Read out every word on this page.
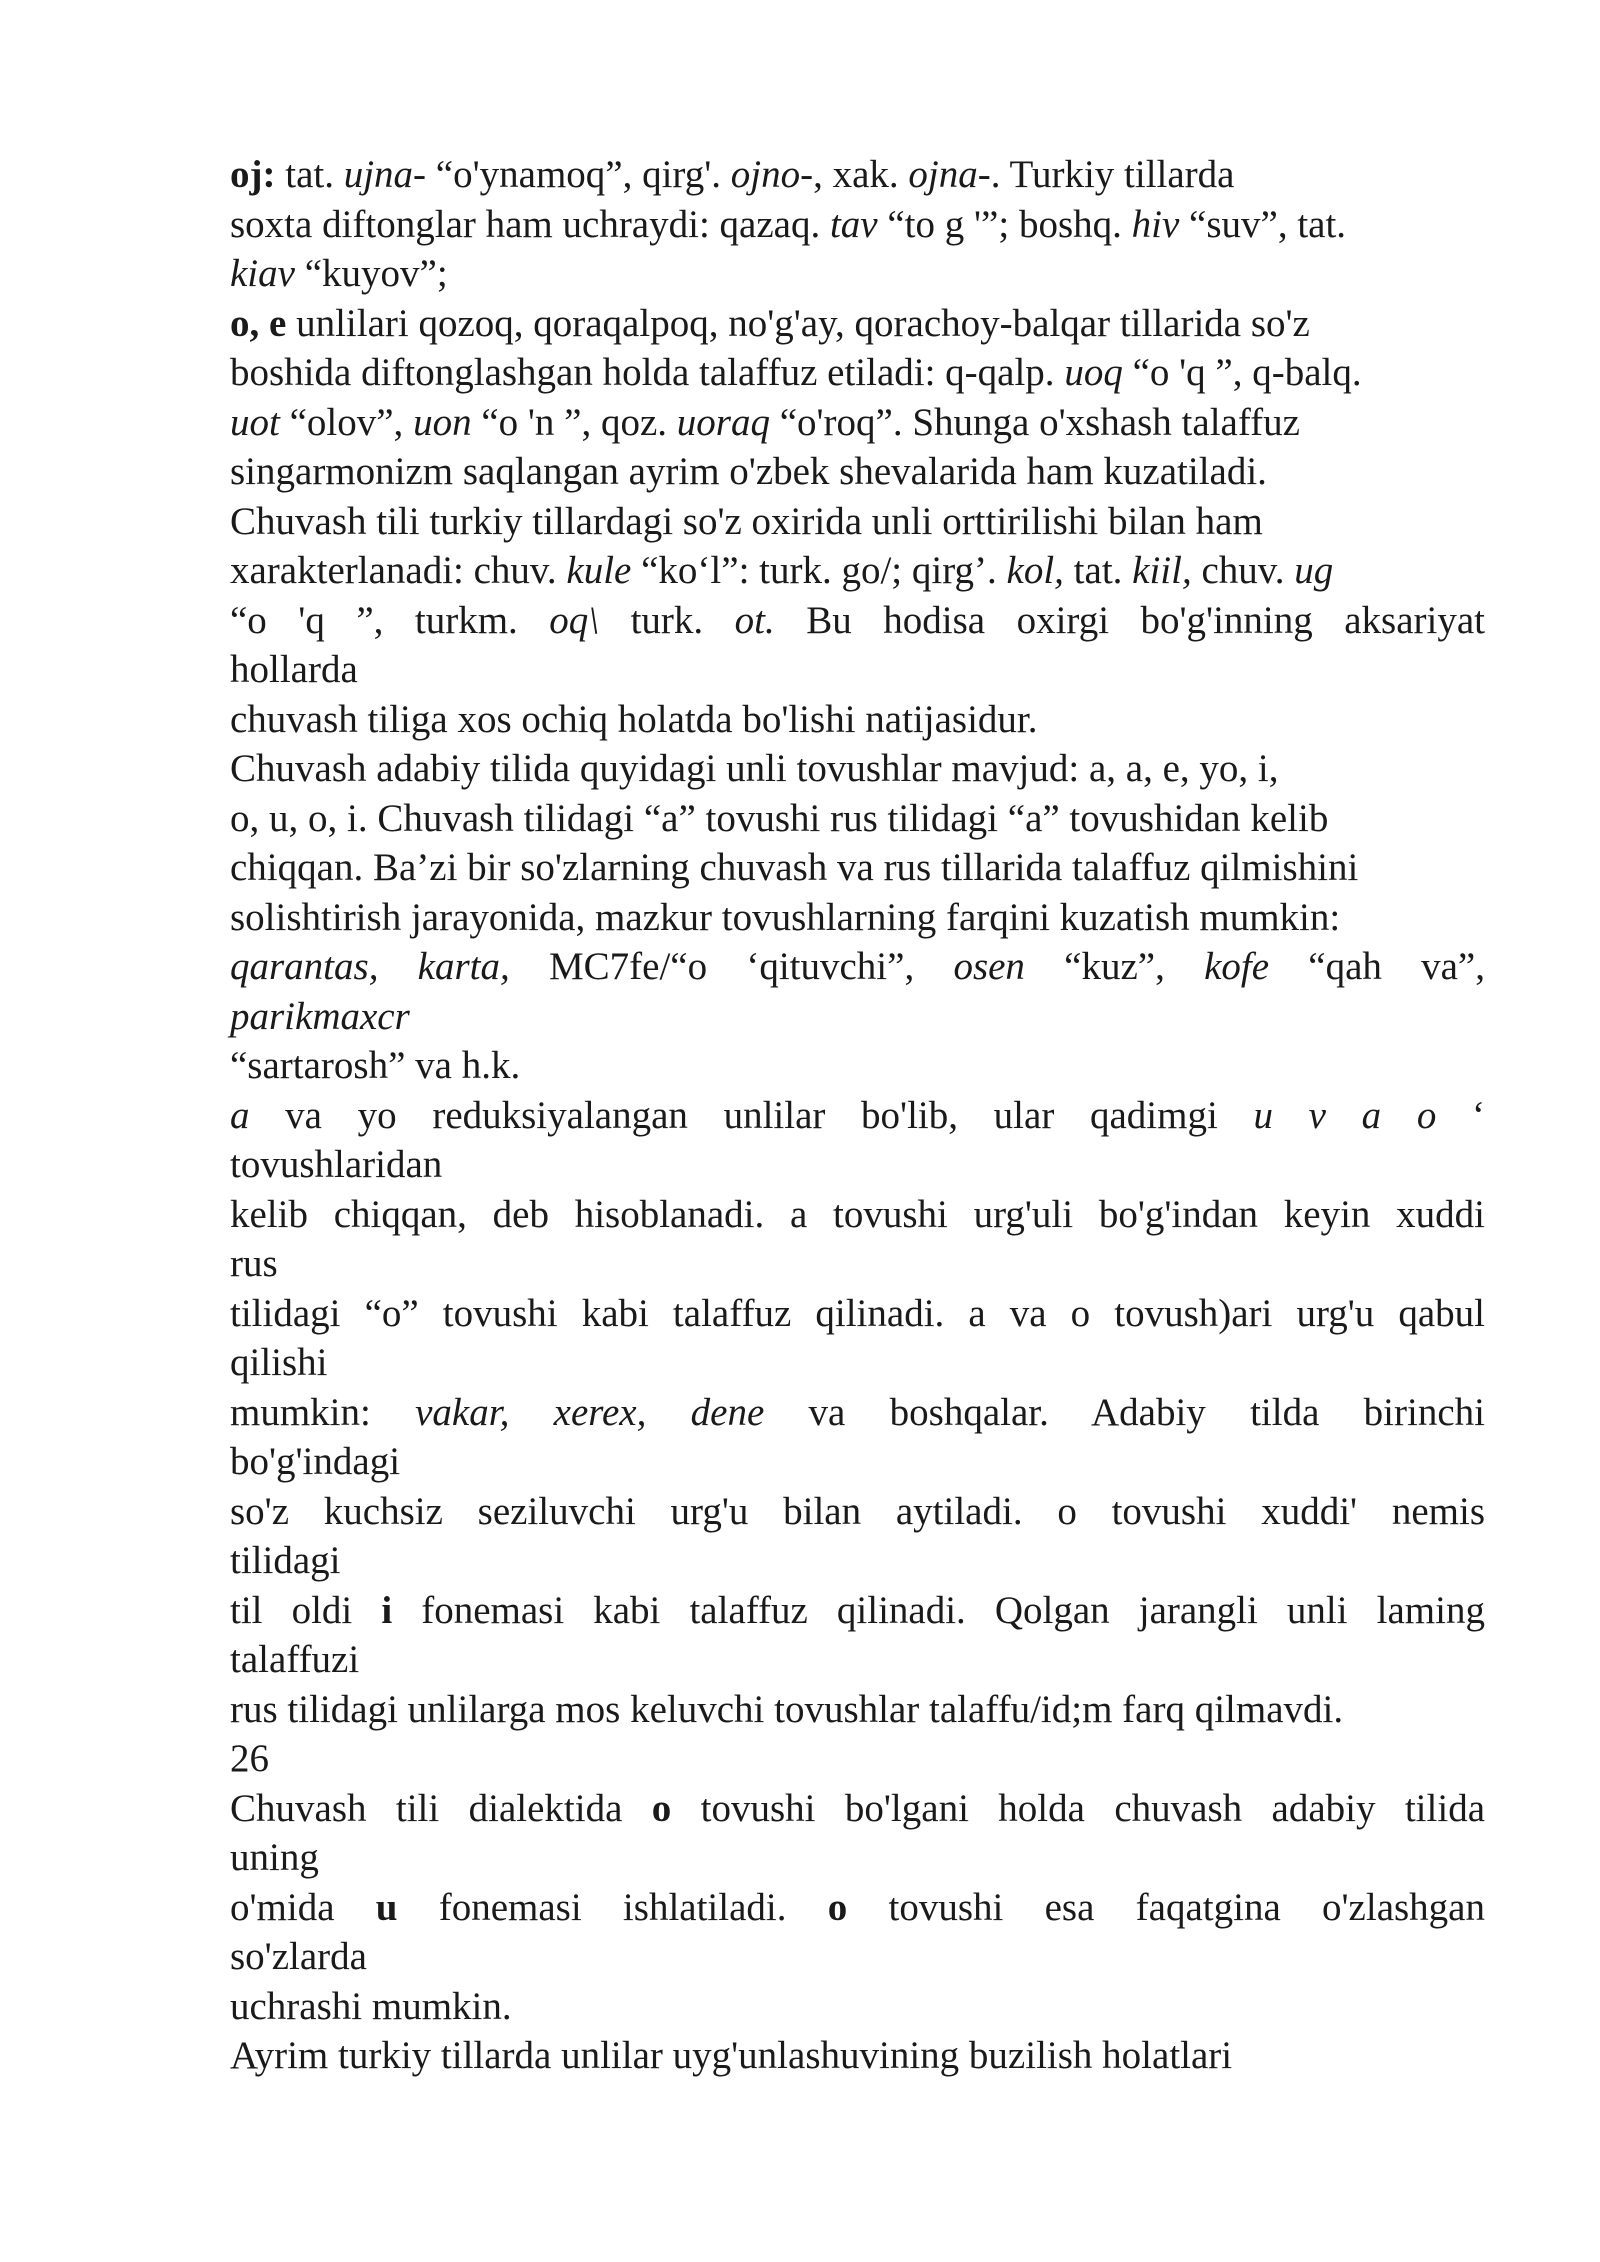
oj: tat. ujna- “o'ynamoq”, qirg'. ojno-, xak. ojna-. Turkiy tillarda
soxta diftonglar ham uchraydi: qazaq. tav “to g '”; boshq. hiv “suv”, tat.
kiav “kuyov”;
o, e unlilari qozoq, qoraqalpoq, no'g'ay, qorachoy-balqar tillarida so'z
boshida diftonglashgan holda talaffuz etiladi: q-qalp. uoq “o 'q ”, q-balq.
uot “olov”, uon “o 'n ”, qoz. uoraq “o'roq”. Shunga o'xshash talaffuz
singarmonizm saqlangan ayrim o'zbek shevalarida ham kuzatiladi.
Chuvash tili turkiy tillardagi so'z oxirida unli orttirilishi bilan ham
xarakterlanadi: chuv. kule “ko‘l”: turk. go/; qirg’. kol, tat. kiil, chuv. ug
“o 'q ”, turkm. oq\ turk. ot. Bu hodisa oxirgi bo'g'inning aksariyat
hollarda
chuvash tiliga xos ochiq holatda bo'lishi natijasidur.
Chuvash adabiy tilida quyidagi unli tovushlar mavjud: a, a, e, yo, i,
o, u, o, i. Chuvash tilidagi “a” tovushi rus tilidagi “a” tovushidan kelib
chiqqan. Ba’zi bir so'zlarning chuvash va rus tillarida talaffuz qilmishini
solishtirish jarayonida, mazkur tovushlarning farqini kuzatish mumkin:
qarantas, karta, MC7fe/“o ‘qituvchi”, osen “kuz”, kofe “qah va”,
parikmaxcr
“sartarosh” va h.k.
a va yo reduksiyalangan unlilar bo'lib, ular qadimgi u v a o ‘
tovushlaridan
kelib chiqqan, deb hisoblanadi. a tovushi urg'uli bo'g'indan keyin xuddi
rus
tilidagi “o” tovushi kabi talaffuz qilinadi. a va o tovush)ari urg'u qabul
qilishi
mumkin: vakar, xerex, dene va boshqalar. Adabiy tilda birinchi
bo'g'indagi
so'z kuchsiz seziluvchi urg'u bilan aytiladi. o tovushi xuddi' nemis
tilidagi
til oldi i fonemasi kabi talaffuz qilinadi. Qolgan jarangli unli laming
talaffuzi
rus tilidagi unlilarga mos keluvchi tovushlar talaffu/id;m farq qilmavdi.
26
Chuvash tili dialektida o tovushi bo'lgani holda chuvash adabiy tilida
uning
o'mida u fonemasi ishlatiladi. o tovushi esa faqatgina o'zlashgan
so'zlarda
uchrashi mumkin.
Ayrim turkiy tillarda unlilar uyg'unlashuvining buzilish holatlari
